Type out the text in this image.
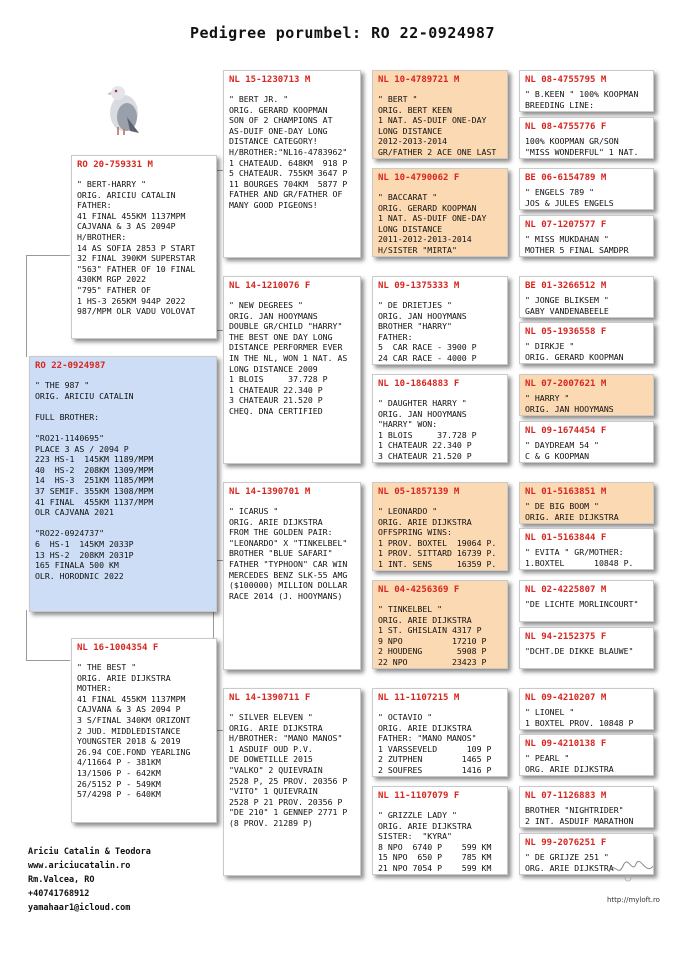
Pedigree porumbel: RO 22-0924987
RO 22-0924987
" THE 987 "
ORIG. ARICIU CATALIN

FULL BROTHER:

"RO21-1140695"
PLACE 3 AS / 2094 P
223 HS-1  145KM 1189/MPM
40  HS-2  208KM 1309/MPM
14  HS-3  251KM 1185/MPM
37 SEMIF. 355KM 1308/MPM
41 FINAL  455KM 1137/MPM
OLR CAJVANA 2021

"RO22-0924737"
6  HS-1  145KM 2033P
13 HS-2  208KM 2031P
165 FINALA 500 KM
OLR. HORODNIC 2022
RO 20-759331 M
" BERT-HARRY "
ORIG. ARICIU CATALIN
FATHER:
41 FINAL 455KM 1137MPM
CAJVANA & 3 AS 2094P
H/BROTHER:
14 AS SOFIA 2853 P START
32 FINAL 390KM SUPERSTAR
"563" FATHER OF 10 FINAL
430KM RGP 2022
"795" FATHER OF
1 HS-3 265KM 944P 2022
987/MPM OLR VADU VOLOVAT
NL 16-1004354 F
" THE BEST "
ORIG. ARIE DIJKSTRA
MOTHER:
41 FINAL 455KM 1137MPM
CAJVANA & 3 AS 2094 P
3 S/FINAL 340KM ORIZONT
2 JUD. MIDDLEDISTANCE
YOUNGSTER 2018 & 2019
26.94 COE.FOND YEARLING
4/11664 P - 381KM
13/1506 P - 642KM
26/5152 P - 549KM
57/4298 P - 640KM
NL 15-1230713 M
" BERT JR. "
ORIG. GERARD KOOPMAN
SON OF 2 CHAMPIONS AT
AS-DUIF ONE-DAY LONG
DISTANCE CATEGORY!
H/BROTHER:"NL16-4783962"
1 CHATEAUD. 648KM  918 P
5 CHATEAUR. 755KM 3647 P
11 BOURGES 704KM  5877 P
FATHER AND GR/FATHER OF
MANY GOOD PIGEONS!
NL 14-1210076 F
" NEW DEGREES "
ORIG. JAN HOOYMANS
DOUBLE GR/CHILD "HARRY"
THE BEST ONE DAY LONG
DISTANCE PERFORMER EVER
IN THE NL, WON 1 NAT. AS
LONG DISTANCE 2009
1 BLOIS     37.728 P
1 CHATEAUR 22.340 P
3 CHATEAUR 21.520 P
CHEQ. DNA CERTIFIED
NL 14-1390701 M
" ICARUS "
ORIG. ARIE DIJKSTRA
FROM THE GOLDEN PAIR:
"LEONARDO" X "TINKELBEL"
BROTHER "BLUE SAFARI"
FATHER "TYPHOON" CAR WIN
MERCEDES BENZ SLK-55 AMG
($100000) MILLION DOLLAR
RACE 2014 (J. HOOYMANS)
NL 14-1390711 F
" SILVER ELEVEN "
ORIG. ARIE DIJKSTRA
H/BROTHER: "MANO MANOS"
1 ASDUIF OUD P.V.
DE DOWETILLE 2015
"VALKO" 2 QUIEVRAIN
2528 P, 25 PROV. 20356 P
"VITO" 1 QUIEVRAIN
2528 P 21 PROV. 20356 P
"DE 210" 1 GENNEP 2771 P
(8 PROV. 21289 P)
NL 10-4789721 M
" BERT "
ORIG. BERT KEEN
1 NAT. AS-DUIF ONE-DAY
LONG DISTANCE
2012-2013-2014
GR/FATHER 2 ACE ONE LAST
NL 10-4790062 F
" BACCARAT "
ORIG. GERARD KOOPMAN
1 NAT. AS-DUIF ONE-DAY
LONG DISTANCE
2011-2012-2013-2014
H/SISTER "MIRTA"
NL 09-1375333 M
" DE DRIETJES "
ORIG. JAN HOOYMANS
BROTHER "HARRY"
FATHER:
5  CAR RACE - 3900 P
24 CAR RACE - 4000 P
NL 10-1864883 F
" DAUGHTER HARRY "
ORIG. JAN HOOYMANS
"HARRY" WON:
1 BLOIS     37.728 P
1 CHATEAUR 22.340 P
3 CHATEAUR 21.520 P
NL 05-1857139 M
" LEONARDO "
ORIG. ARIE DIJKSTRA
OFFSPRING WINS:
1 PROV. BOXTEL  19064 P.
1 PROV. SITTARD 16739 P.
1 INT. SENS     16359 P.
NL 04-4256369 F
" TINKELBEL "
ORIG. ARIE DIJKSTRA
1 ST. GHISLAIN 4317 P
9 NPO          17210 P
2 HOUDENG       5908 P
22 NPO         23423 P
NL 11-1107215 M
" OCTAVIO "
ORIG. ARIE DIJKSTRA
FATHER: "MANO MANOS"
1 VARSSEVELD      109 P
2 ZUTPHEN        1465 P
2 SOUFRES        1416 P
NL 11-1107079 F
" GRIZZLE LADY "
ORIG. ARIE DIJKSTRA
SISTER:  "KYRA"
8 NPO  6740 P    599 KM
15 NPO  650 P    785 KM
21 NPO 7054 P    599 KM
NL 08-4755795 M
" B.KEEN " 100% KOOPMAN
BREEDING LINE:
NL 08-4755776 F
100% KOOPMAN GR/SON
"MISS WONDERFUL" 1 NAT.
BE 06-6154789 M
" ENGELS 789 "
JOS & JULES ENGELS
NL 07-1207577 F
" MISS MUKDAHAN "
MOTHER 5 FINAL SAMDPR
BE 01-3266512 M
" JONGE BLIKSEM "
GABY VANDENABEELE
NL 05-1936558 F
" DIRKJE "
ORIG. GERARD KOOPMAN
NL 07-2007621 M
" HARRY "
ORIG. JAN HOOYMANS
NL 09-1674454 F
" DAYDREAM 54 "
C & G KOOPMAN
NL 01-5163851 M
" DE BIG BOOM "
ORIG. ARIE DIJKSTRA
NL 01-5163844 F
" EVITA " GR/MOTHER:
1.BOXTEL      10848 P.
NL 02-4225807 M
"DE LICHTE MORLINCOURT"
NL 94-2152375 F
"DCHT.DE DIKKE BLAUWE"
NL 09-4210207 M
" LIONEL "
1 BOXTEL PROV. 10848 P
NL 09-4210138 F
" PEARL "
ORG. ARIE DIJKSTRA
NL 07-1126883 M
BROTHER "NIGHTRIDER"
2 INT. ASDUIF MARATHON
NL 99-2076251 F
" DE GRIJZE 251 "
ORG. ARIE DIJKSTRA
Ariciu Catalin & Teodora
www.ariciucatalin.ro
Rm.Valcea, RO
+40741768912
yamahaar1@icloud.com
http://myloft.ro
